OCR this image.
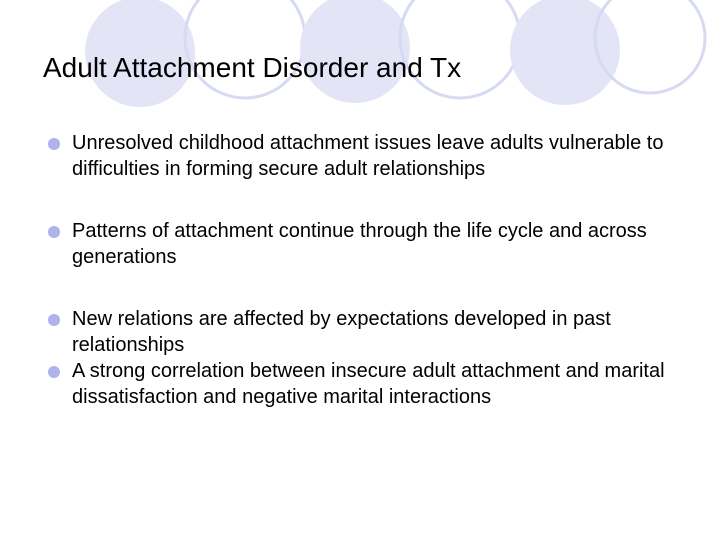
Adult Attachment Disorder and Tx
Unresolved childhood attachment issues leave adults vulnerable to difficulties in forming secure adult relationships
Patterns of attachment continue through the life cycle and across generations
New relations are affected by expectations developed in past relationships
A strong correlation between insecure adult attachment and marital dissatisfaction and negative marital interactions
